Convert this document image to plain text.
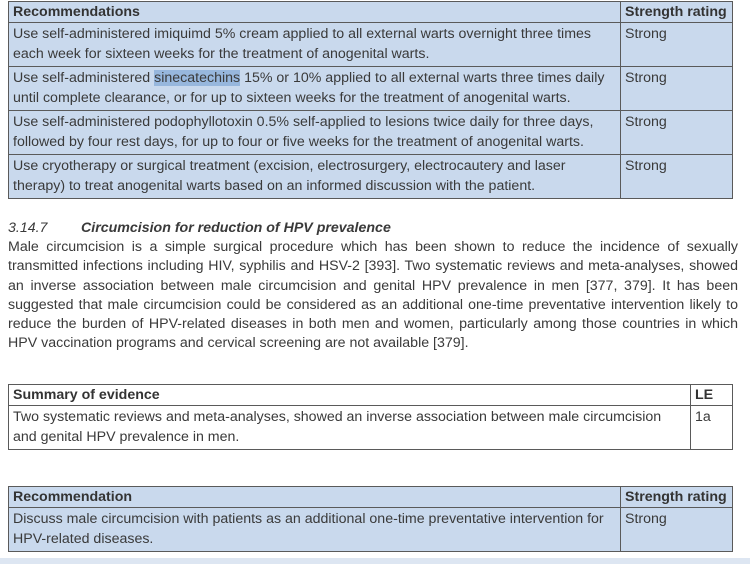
Recommendations	Strength rating
Use self-administered imiquimd 5% cream applied to all external warts overnight three times each week for sixteen weeks for the treatment of anogenital warts.	Strong
Use self-administered sinecatechins 15% or 10% applied to all external warts three times daily until complete clearance, or for up to sixteen weeks for the treatment of anogenital warts.	Strong
Use self-administered podophyllotoxin 0.5% self-applied to lesions twice daily for three days, followed by four rest days, for up to four or five weeks for the treatment of anogenital warts.	Strong
Use cryotherapy or surgical treatment (excision, electrosurgery, electrocautery and laser therapy) to treat anogenital warts based on an informed discussion with the patient.	Strong

3.14.7 Circumcision for reduction of HPV prevalence

Male circumcision is a simple surgical procedure which has been shown to reduce the incidence of sexually transmitted infections including HIV, syphilis and HSV-2 [393]. Two systematic reviews and meta-analyses, showed an inverse association between male circumcision and genital HPV prevalence in men [377, 379]. It has been suggested that male circumcision could be considered as an additional one-time preventative intervention likely to reduce the burden of HPV-related diseases in both men and women, particularly among those countries in which HPV vaccination programs and cervical screening are not available [379].

Summary of evidence	LE
Two systematic reviews and meta-analyses, showed an inverse association between male circumcision and genital HPV prevalence in men.	1a
Recommendation	Strength rating
Discuss male circumcision with patients as an additional one-time preventative intervention for HPV-related diseases.	Strong
